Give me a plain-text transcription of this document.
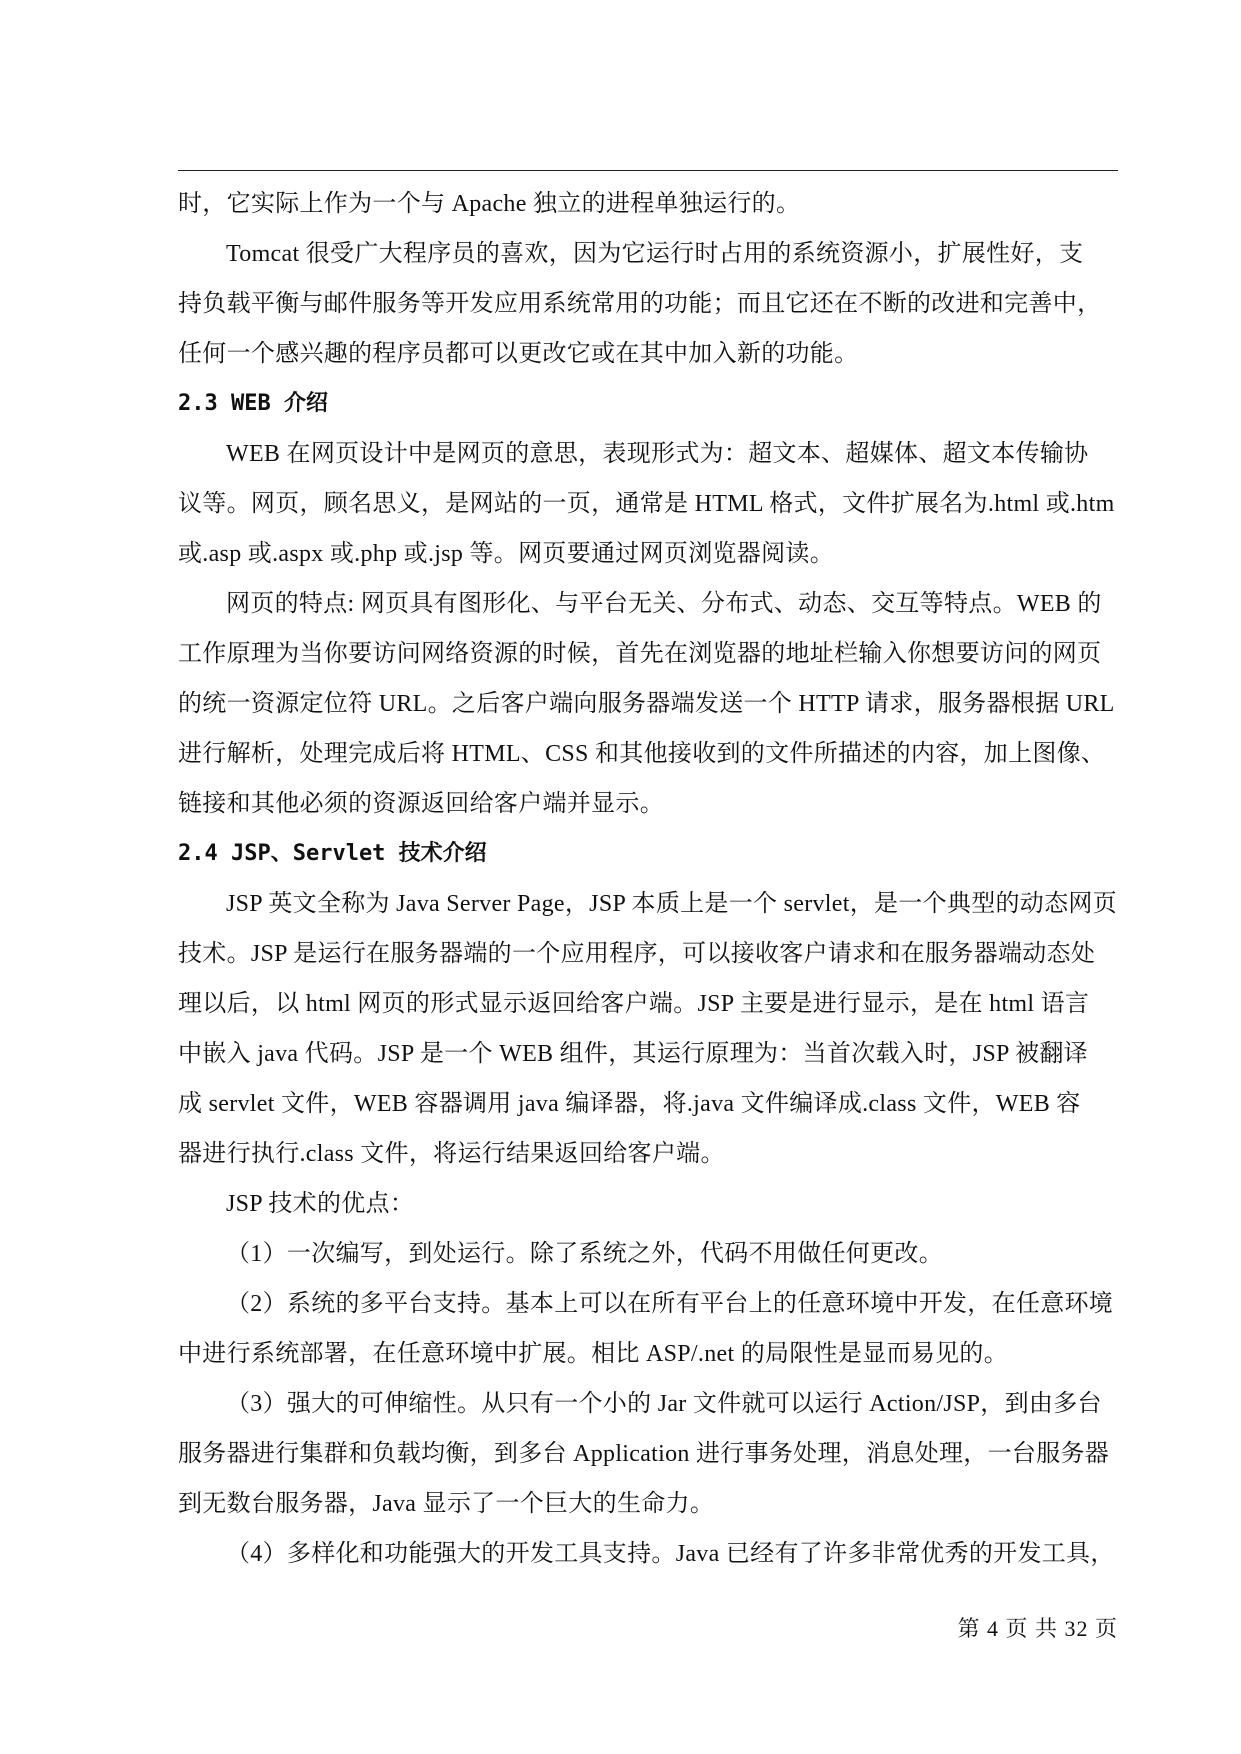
时，它实际上作为一个与 Apache 独立的进程单独运行的。
Tomcat 很受广大程序员的喜欢，因为它运行时占用的系统资源小，扩展性好，支
持负载平衡与邮件服务等开发应用系统常用的功能；而且它还在不断的改进和完善中，
任何一个感兴趣的程序员都可以更改它或在其中加入新的功能。
2.3 WEB 介绍
WEB 在网页设计中是网页的意思，表现形式为：超文本、超媒体、超文本传输协
议等。网页，顾名思义，是网站的一页，通常是 HTML 格式，文件扩展名为.html 或.htm
或.asp 或.aspx 或.php 或.jsp 等。网页要通过网页浏览器阅读。
网页的特点: 网页具有图形化、与平台无关、分布式、动态、交互等特点。WEB 的
工作原理为当你要访问网络资源的时候，首先在浏览器的地址栏输入你想要访问的网页
的统一资源定位符 URL。之后客户端向服务器端发送一个 HTTP 请求，服务器根据 URL
进行解析，处理完成后将 HTML、CSS 和其他接收到的文件所描述的内容，加上图像、
链接和其他必须的资源返回给客户端并显示。
2.4 JSP、Servlet 技术介绍
JSP 英文全称为 Java Server Page，JSP 本质上是一个 servlet，是一个典型的动态网页
技术。JSP 是运行在服务器端的一个应用程序，可以接收客户请求和在服务器端动态处
理以后，以 html 网页的形式显示返回给客户端。JSP 主要是进行显示，是在 html 语言
中嵌入 java 代码。JSP 是一个 WEB 组件，其运行原理为：当首次载入时，JSP 被翻译
成 servlet 文件，WEB 容器调用 java 编译器，将.java 文件编译成.class 文件，WEB 容
器进行执行.class 文件，将运行结果返回给客户端。
JSP 技术的优点：
（1）一次编写，到处运行。除了系统之外，代码不用做任何更改。
（2）系统的多平台支持。基本上可以在所有平台上的任意环境中开发，在任意环境
中进行系统部署，在任意环境中扩展。相比 ASP/.net 的局限性是显而易见的。
（3）强大的可伸缩性。从只有一个小的 Jar 文件就可以运行 Action/JSP，到由多台
服务器进行集群和负载均衡，到多台 Application 进行事务处理，消息处理，一台服务器
到无数台服务器，Java 显示了一个巨大的生命力。
（4）多样化和功能强大的开发工具支持。Java 已经有了许多非常优秀的开发工具，
第 4 页 共 32 页
